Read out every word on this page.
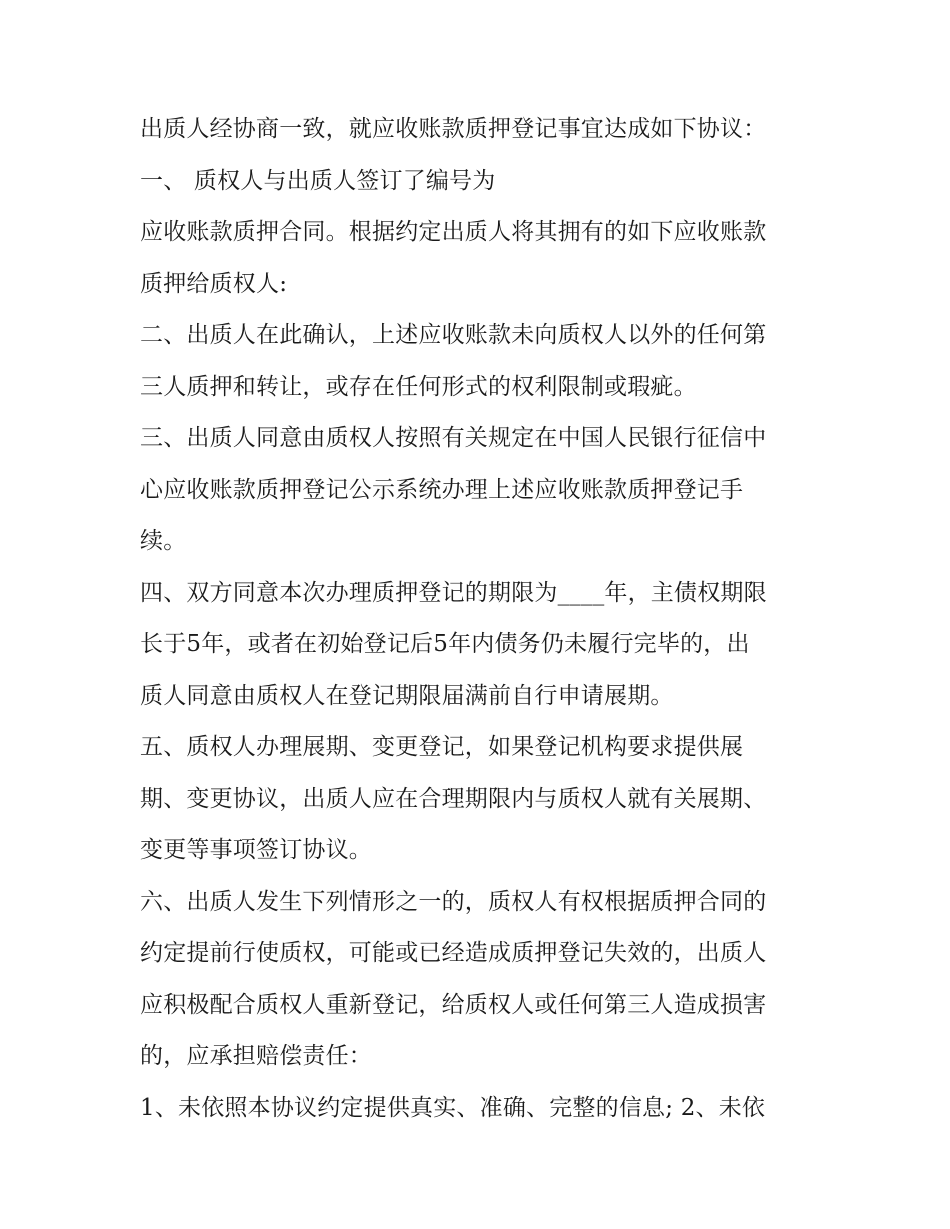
出质人经协商一致，就应收账款质押登记事宜达成如下协议：
一、 质权人与出质人签订了编号为
应收账款质押合同。根据约定出质人将其拥有的如下应收账款
质押给质权人:
二、出质人在此确认，上述应收账款未向质权人以外的任何第
三人质押和转让，或存在任何形式的权利限制或瑕疵。
三、出质人同意由质权人按照有关规定在中国人民银行征信中
心应收账款质押登记公示系统办理上述应收账款质押登记手
续。
四、双方同意本次办理质押登记的期限为____年，主债权期限
长于5年，或者在初始登记后5年内债务仍未履行完毕的，出
质人同意由质权人在登记期限届满前自行申请展期。
五、质权人办理展期、变更登记，如果登记机构要求提供展
期、变更协议，出质人应在合理期限内与质权人就有关展期、
变更等事项签订协议。
六、出质人发生下列情形之一的，质权人有权根据质押合同的
约定提前行使质权，可能或已经造成质押登记失效的，出质人
应积极配合质权人重新登记，给质权人或任何第三人造成损害
的，应承担赔偿责任：
1、未依照本协议约定提供真实、准确、完整的信息; 2、未依
